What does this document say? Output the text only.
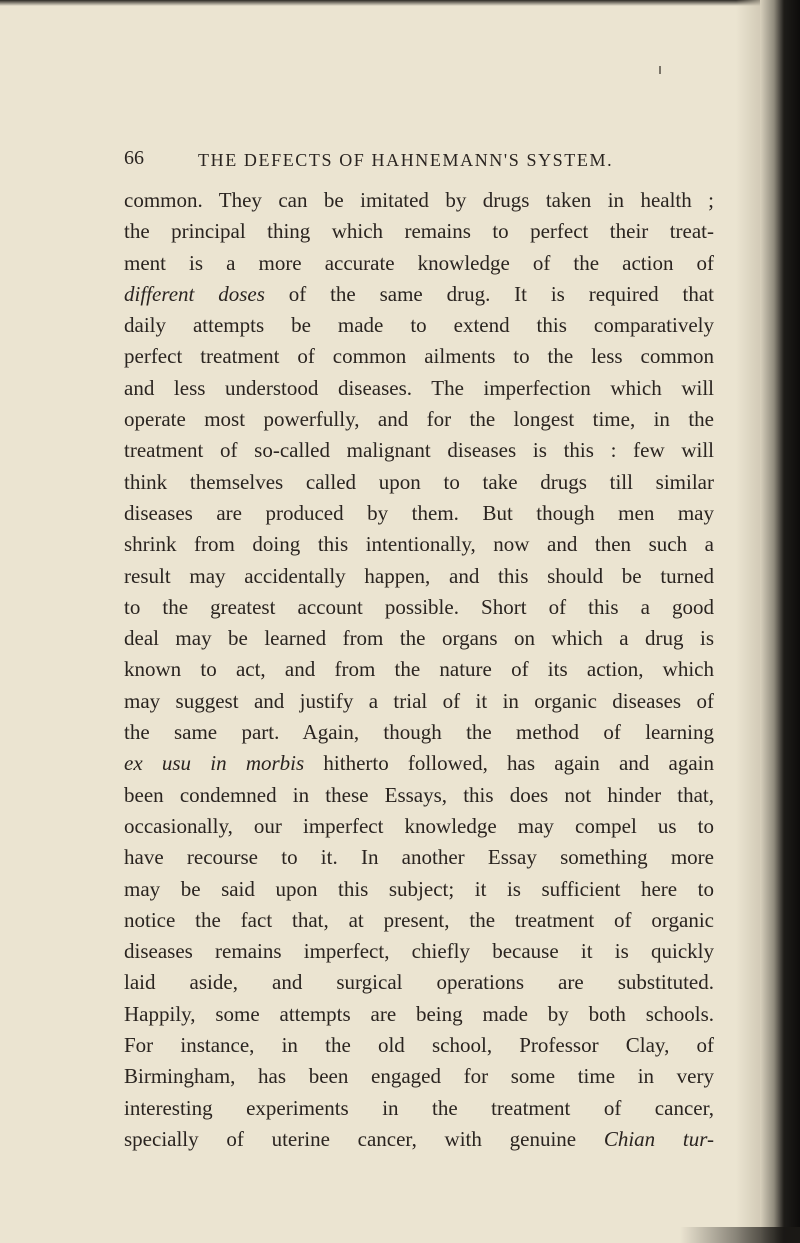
66	THE DEFECTS OF HAHNEMANN'S SYSTEM.
common. They can be imitated by drugs taken in health ;
the principal thing which remains to perfect their treat-
ment is a more accurate knowledge of the action of
different doses of the same drug. It is required that
daily attempts be made to extend this comparatively
perfect treatment of common ailments to the less common
and less understood diseases. The imperfection which will
operate most powerfully, and for the longest time, in the
treatment of so-called malignant diseases is this : few will
think themselves called upon to take drugs till similar
diseases are produced by them. But though men may
shrink from doing this intentionally, now and then such a
result may accidentally happen, and this should be turned
to the greatest account possible. Short of this a good
deal may be learned from the organs on which a drug is
known to act, and from the nature of its action, which
may suggest and justify a trial of it in organic diseases of
the same part. Again, though the method of learning
ex usu in morbis hitherto followed, has again and again
been condemned in these Essays, this does not hinder that,
occasionally, our imperfect knowledge may compel us to
have recourse to it. In another Essay something more
may be said upon this subject; it is sufficient here to
notice the fact that, at present, the treatment of organic
diseases remains imperfect, chiefly because it is quickly
laid aside, and surgical operations are substituted.
Happily, some attempts are being made by both schools.
For instance, in the old school, Professor Clay, of
Birmingham, has been engaged for some time in very
interesting experiments in the treatment of cancer,
specially of uterine cancer, with genuine Chian tur-
